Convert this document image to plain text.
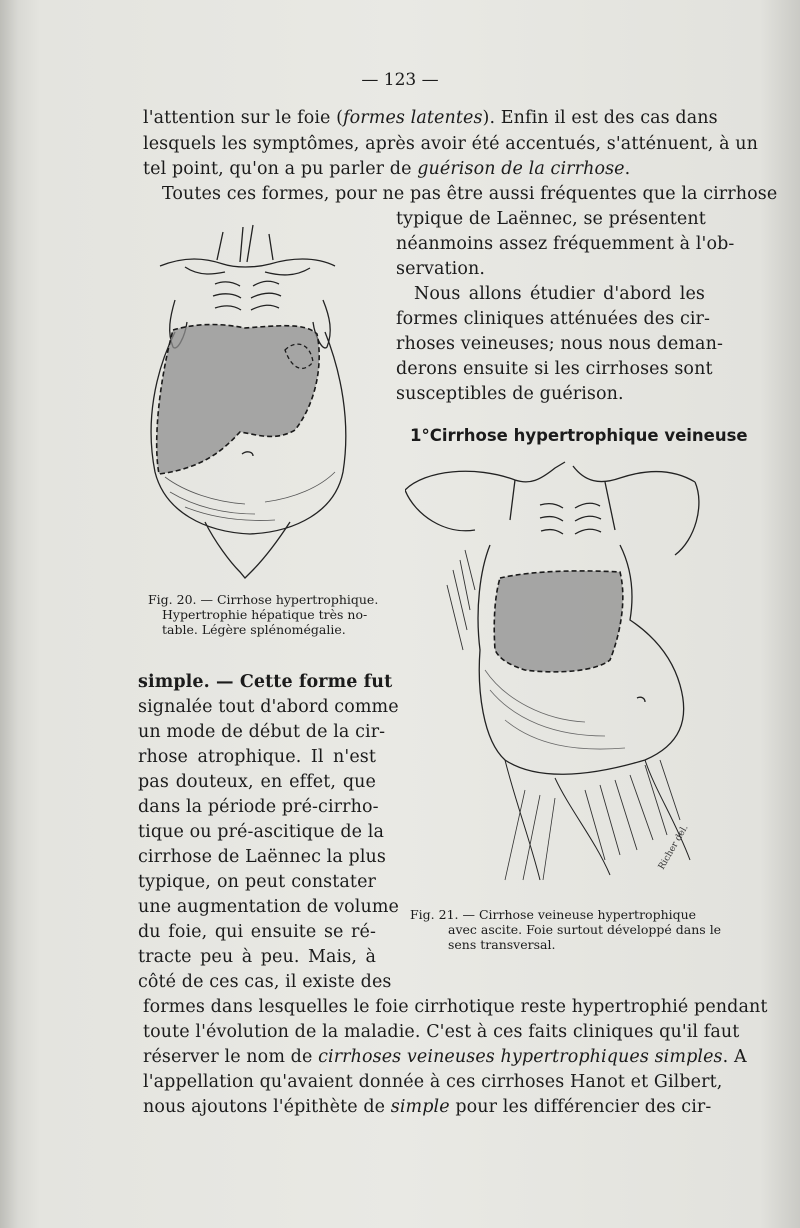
— 123 —
l'attention sur le foie (formes latentes). Enfin il est des cas dans
lesquels les symptômes, après avoir été accentués, s'atténuent, à un
tel point, qu'on a pu parler de guérison de la cirrhose.
Toutes ces formes, pour ne pas être aussi fréquentes que la cirrhose
typique de Laënnec, se présentent
néanmoins assez fréquemment à l'ob-
servation.
Nous allons étudier d'abord les
formes cliniques atténuées des cir-
rhoses veineuses; nous nous deman-
derons ensuite si les cirrhoses sont
susceptibles de guérison.
1°Cirrhose hypertrophique veineuse
Fig. 20. — Cirrhose hypertrophique.
Hypertrophie hépatique très no-
table. Légère splénomégalie.
Richer del.
Fig. 21. — Cirrhose veineuse hypertrophique
avec ascite. Foie surtout développé dans le
sens transversal.
simple. — Cette forme fut
signalée tout d'abord comme
un mode de début de la cir-
rhose atrophique. Il n'est
pas douteux, en effet, que
dans la période pré-cirrho-
tique ou pré-ascitique de la
cirrhose de Laënnec la plus
typique, on peut constater
une augmentation de volume
du foie, qui ensuite se ré-
tracte peu à peu. Mais, à
côté de ces cas, il existe des
formes dans lesquelles le foie cirrhotique reste hypertrophié pendant
toute l'évolution de la maladie. C'est à ces faits cliniques qu'il faut
réserver le nom de cirrhoses veineuses hypertrophiques simples. A
l'appellation qu'avaient donnée à ces cirrhoses Hanot et Gilbert,
nous ajoutons l'épithète de simple pour les différencier des cir-
